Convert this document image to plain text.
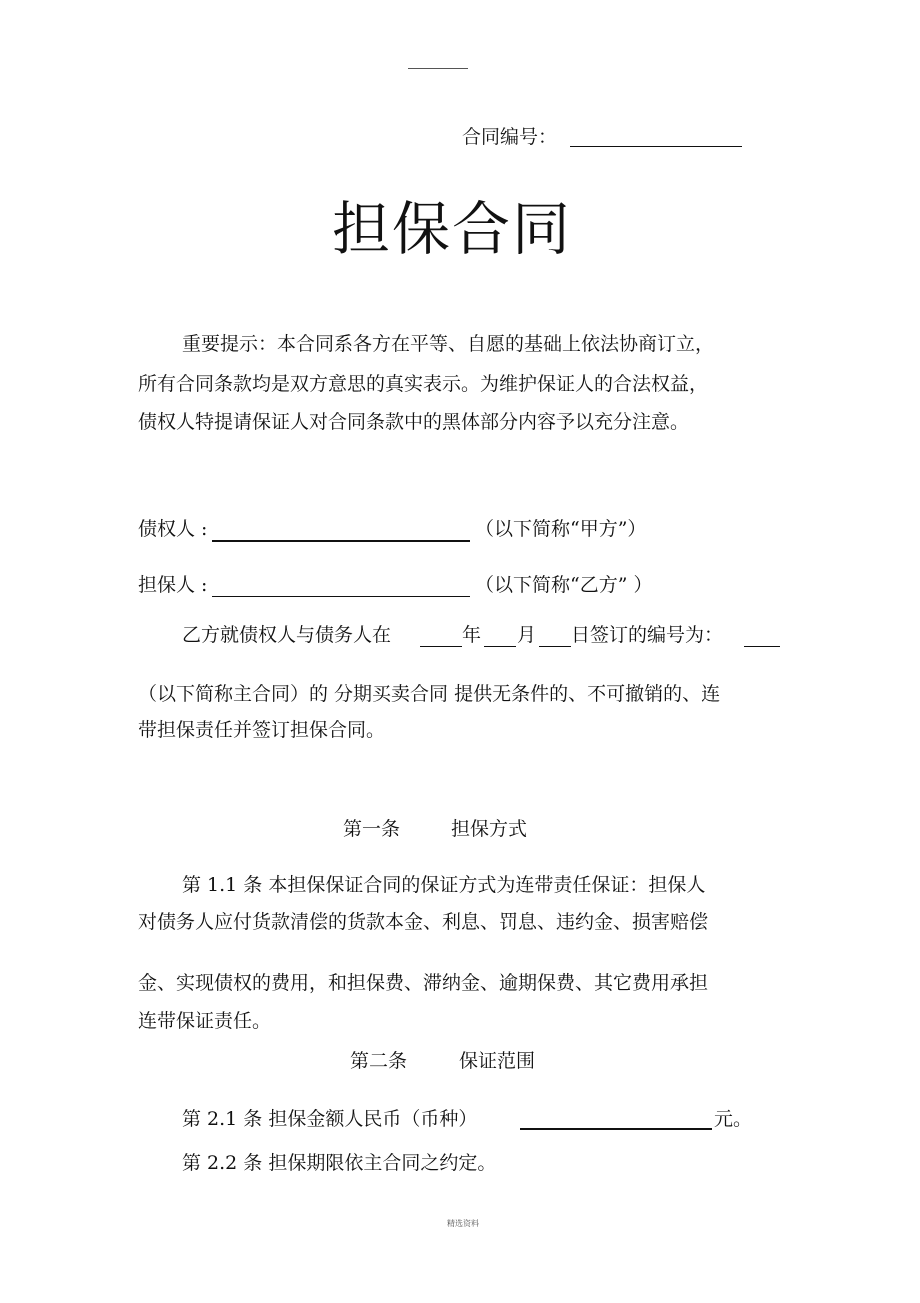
合同编号：
担保合同
重要提示：本合同系各方在平等、自愿的基础上依法协商订立，
所有合同条款均是双方意思的真实表示。为维护保证人的合法权益，
债权人特提请保证人对合同条款中的黑体部分内容予以充分注意。
债权人 :	（以下简称“甲方”）
担保人 :	（以下简称“乙方” ）
乙方就债权人与债务人在	年 月 日签订的编号为：
（以下简称主合同）的 分期买卖合同 提供无条件的、不可撤销的、连
带担保责任并签订担保合同。
第一条	担保方式
第 1.1 条 本担保保证合同的保证方式为连带责任保证：担保人
对债务人应付货款清偿的货款本金、利息、罚息、违约金、损害赔偿
金、实现债权的费用，和担保费、滞纳金、逾期保费、其它费用承担
连带保证责任。
第二条	保证范围
第 2.1 条 担保金额人民币（币种）	元。
第 2.2 条 担保期限依主合同之约定。
精选资料
